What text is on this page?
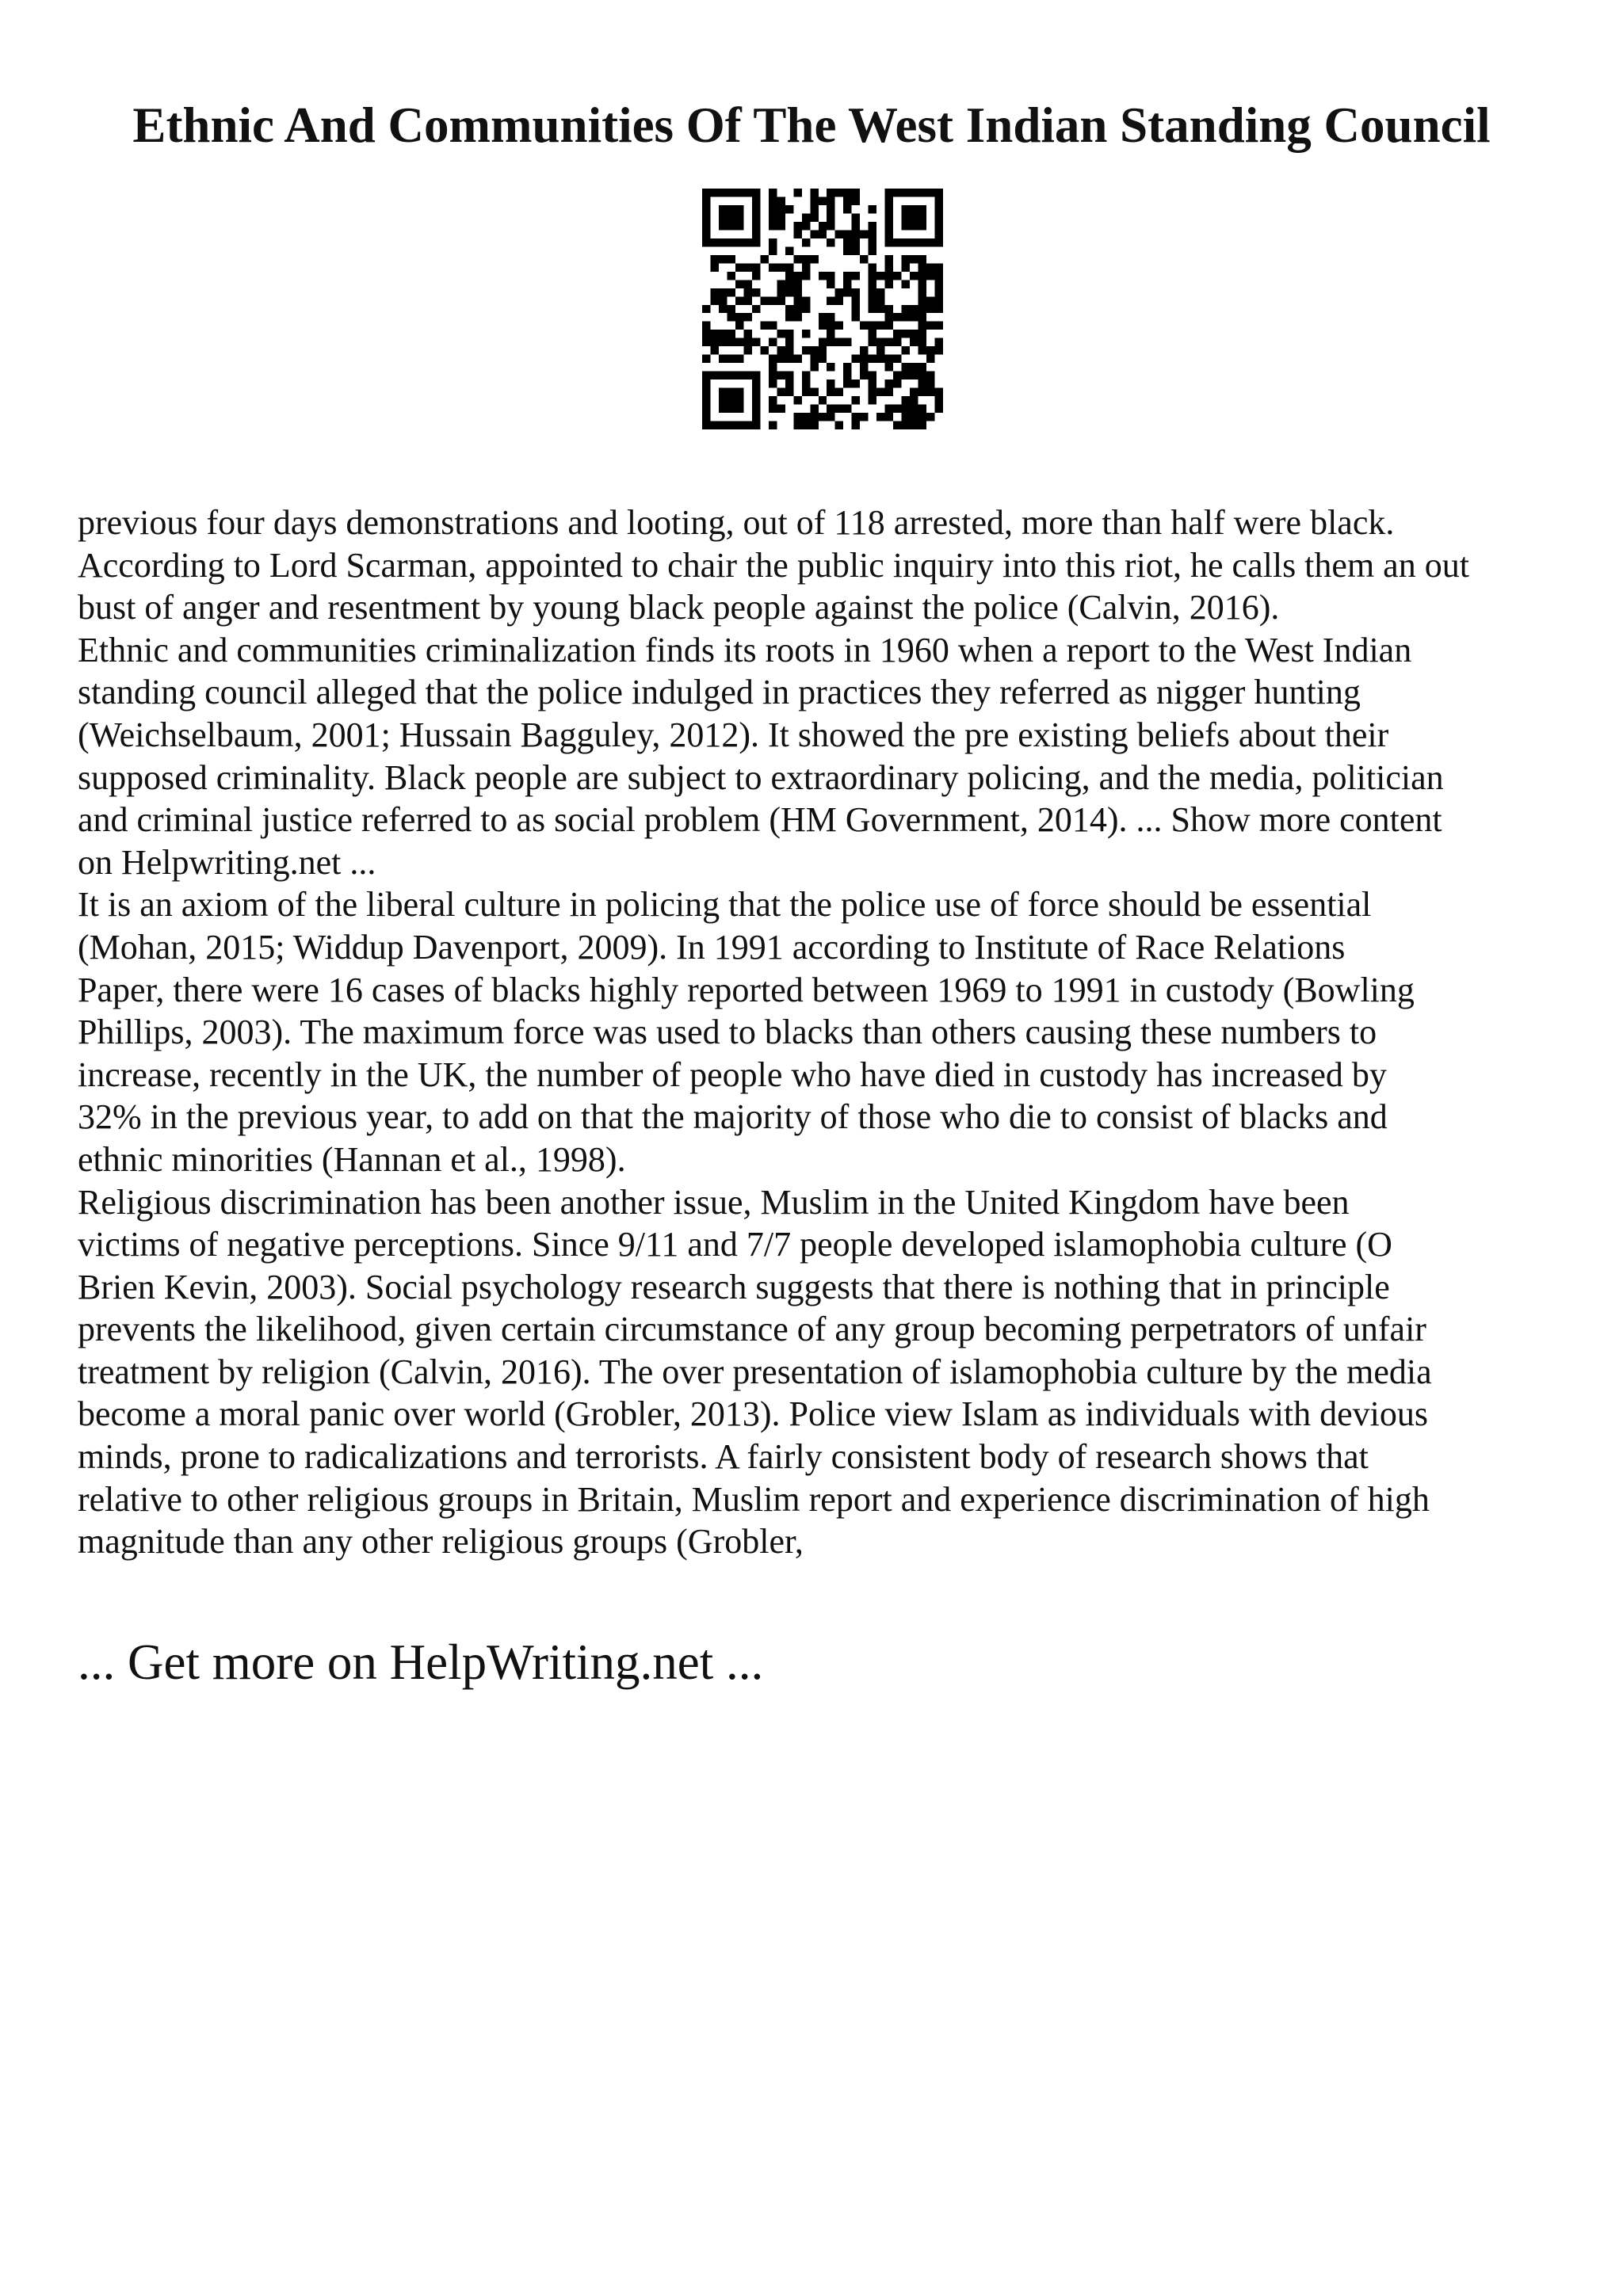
Ethnic And Communities Of The West Indian Standing Council
previous four days demonstrations and looting, out of 118 arrested, more than half were black.
According to Lord Scarman, appointed to chair the public inquiry into this riot, he calls them an out
bust of anger and resentment by young black people against the police (Calvin, 2016).
Ethnic and communities criminalization finds its roots in 1960 when a report to the West Indian
standing council alleged that the police indulged in practices they referred as nigger hunting
(Weichselbaum, 2001; Hussain Bagguley, 2012). It showed the pre existing beliefs about their
supposed criminality. Black people are subject to extraordinary policing, and the media, politician
and criminal justice referred to as social problem (HM Government, 2014). ... Show more content
on Helpwriting.net ...
It is an axiom of the liberal culture in policing that the police use of force should be essential
(Mohan, 2015; Widdup Davenport, 2009). In 1991 according to Institute of Race Relations
Paper, there were 16 cases of blacks highly reported between 1969 to 1991 in custody (Bowling
Phillips, 2003). The maximum force was used to blacks than others causing these numbers to
increase, recently in the UK, the number of people who have died in custody has increased by
32% in the previous year, to add on that the majority of those who die to consist of blacks and
ethnic minorities (Hannan et al., 1998).
Religious discrimination has been another issue, Muslim in the United Kingdom have been
victims of negative perceptions. Since 9/11 and 7/7 people developed islamophobia culture (O
Brien Kevin, 2003). Social psychology research suggests that there is nothing that in principle
prevents the likelihood, given certain circumstance of any group becoming perpetrators of unfair
treatment by religion (Calvin, 2016). The over presentation of islamophobia culture by the media
become a moral panic over world (Grobler, 2013). Police view Islam as individuals with devious
minds, prone to radicalizations and terrorists. A fairly consistent body of research shows that
relative to other religious groups in Britain, Muslim report and experience discrimination of high
magnitude than any other religious groups (Grobler,
... Get more on HelpWriting.net ...
